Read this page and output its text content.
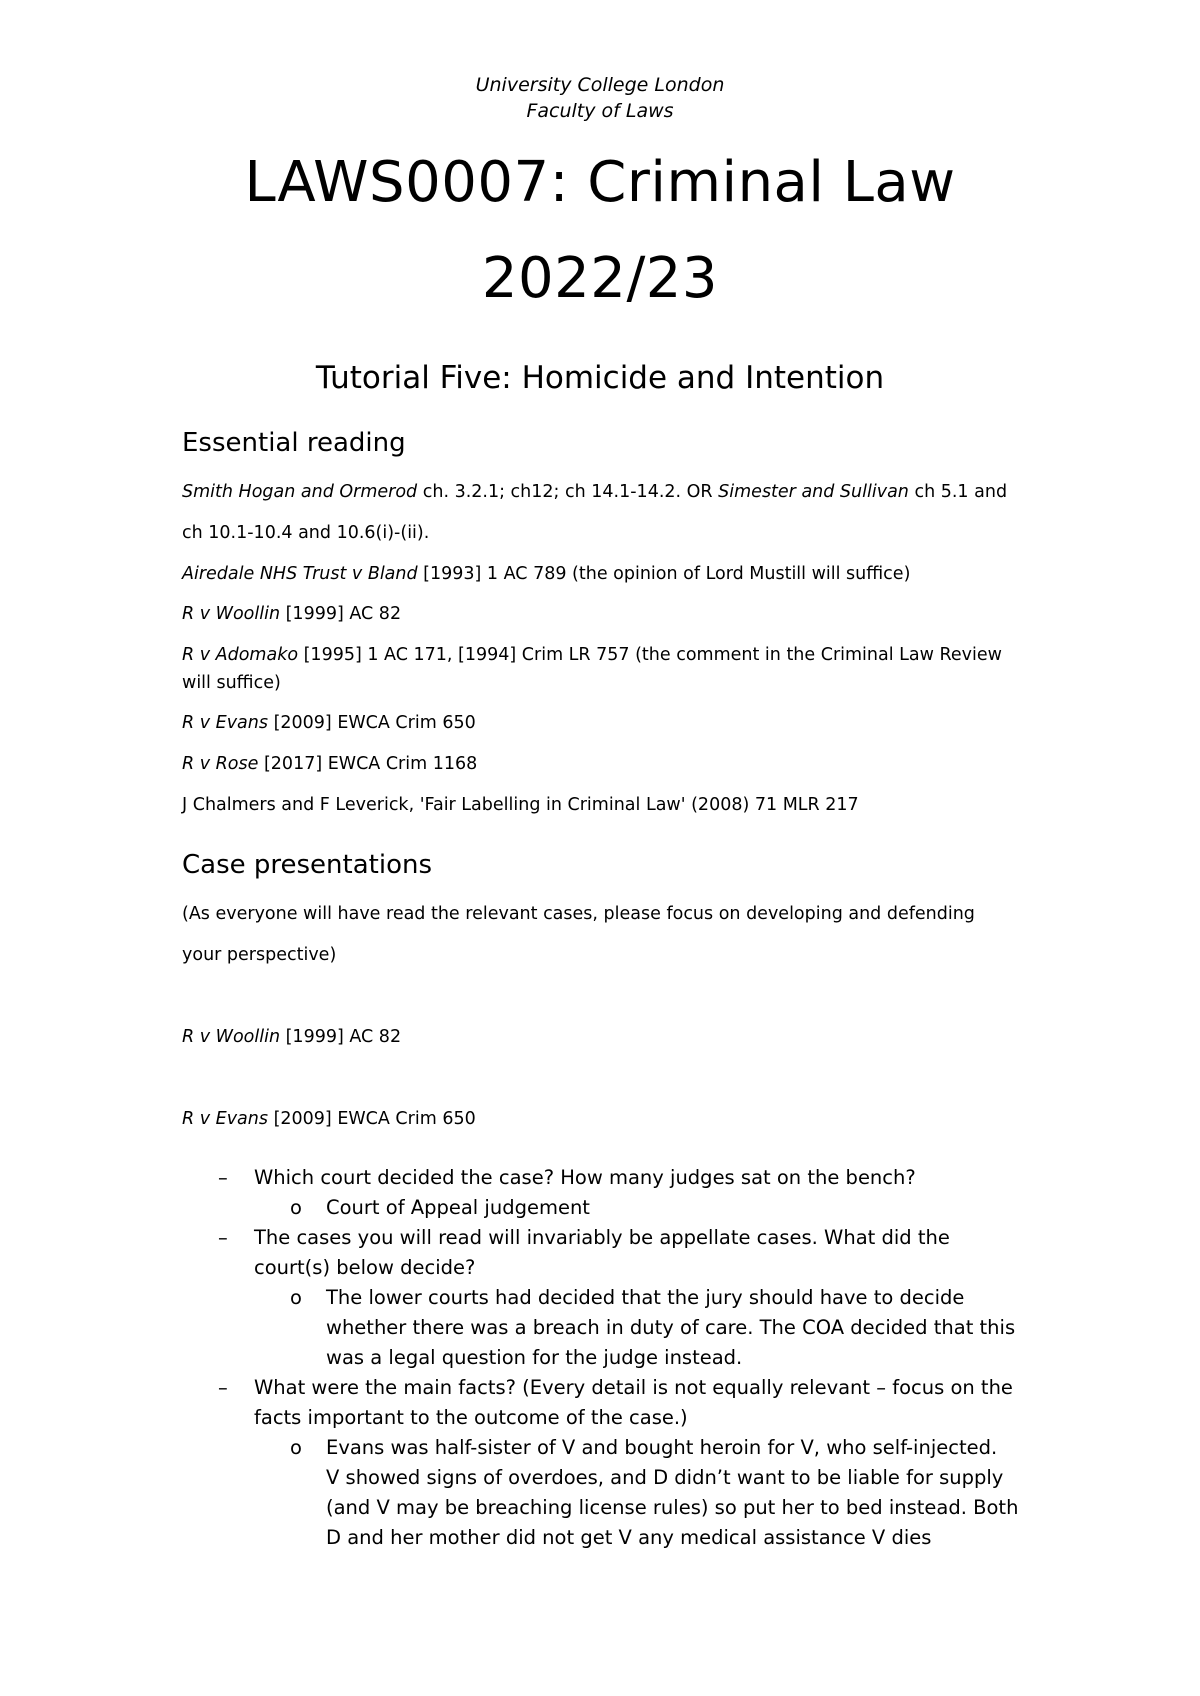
University College London
Faculty of Laws
LAWS0007: Criminal Law
2022/23
Tutorial Five: Homicide and Intention
Essential reading
Smith Hogan and Ormerod ch. 3.2.1; ch12; ch 14.1-14.2. OR Simester and Sullivan ch 5.1 and
ch 10.1-10.4 and 10.6(i)-(ii).
Airedale NHS Trust v Bland [1993] 1 AC 789 (the opinion of Lord Mustill will suffice)
R v Woollin [1999] AC 82
R v Adomako [1995] 1 AC 171, [1994] Crim LR 757 (the comment in the Criminal Law Review
will suffice)
R v Evans [2009] EWCA Crim 650
R v Rose [2017] EWCA Crim 1168
J Chalmers and F Leverick, 'Fair Labelling in Criminal Law' (2008) 71 MLR 217
Case presentations
(As everyone will have read the relevant cases, please focus on developing and defending
your perspective)
R v Woollin [1999] AC 82
R v Evans [2009] EWCA Crim 650
– Which court decided the case? How many judges sat on the bench?
o Court of Appeal judgement
– The cases you will read will invariably be appellate cases. What did the
court(s) below decide?
o The lower courts had decided that the jury should have to decide
whether there was a breach in duty of care. The COA decided that this
was a legal question for the judge instead.
– What were the main facts? (Every detail is not equally relevant – focus on the
facts important to the outcome of the case.)
o Evans was half-sister of V and bought heroin for V, who self-injected.
V showed signs of overdoes, and D didn’t want to be liable for supply
(and V may be breaching license rules) so put her to bed instead. Both
D and her mother did not get V any medical assistance V dies
